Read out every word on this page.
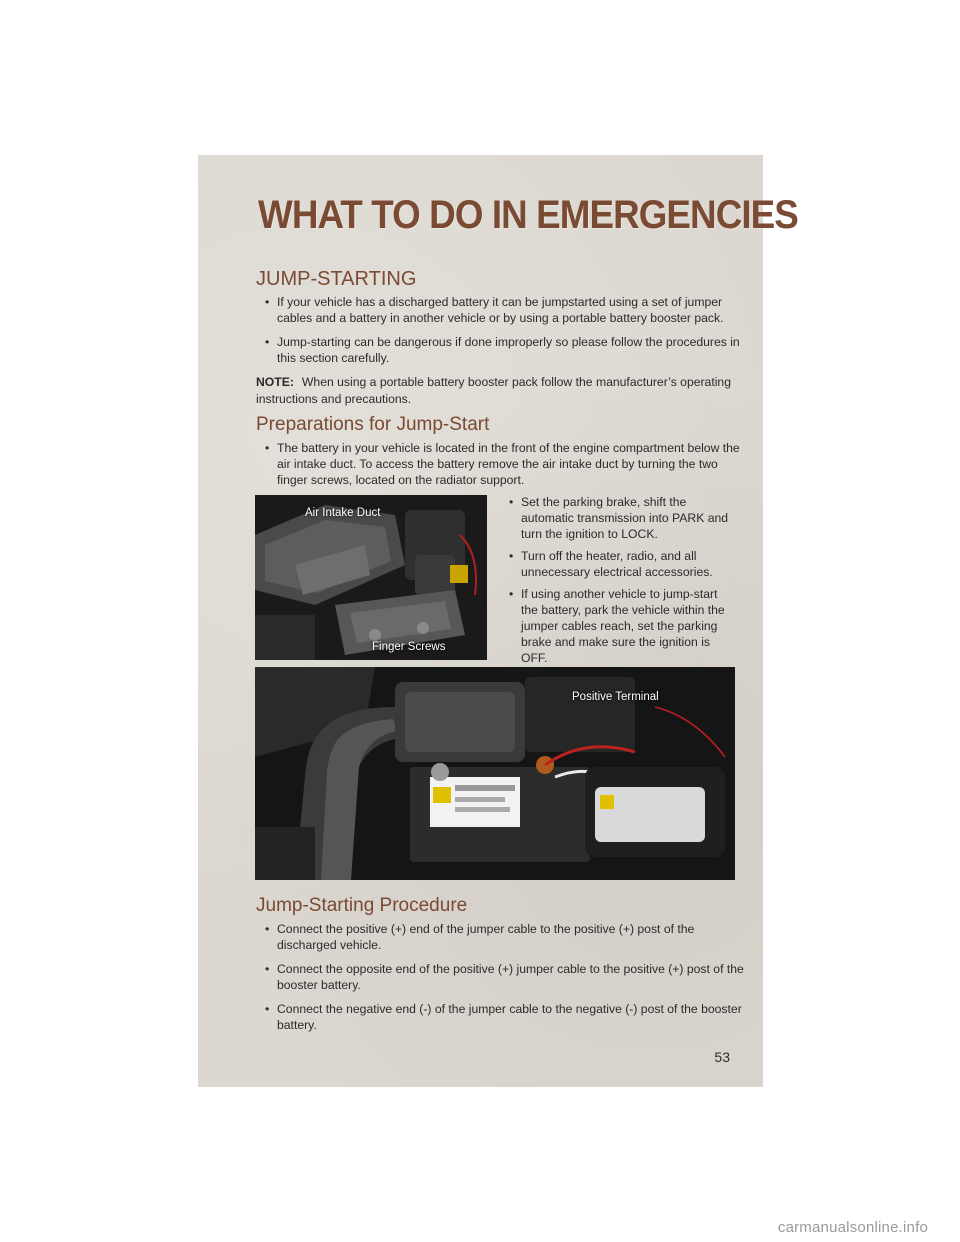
WHAT TO DO IN EMERGENCIES
JUMP-STARTING
• If your vehicle has a discharged battery it can be jumpstarted using a set of jumper cables and a battery in another vehicle or by using a portable battery booster pack.
• Jump-starting can be dangerous if done improperly so please follow the procedures in this section carefully.
NOTE: When using a portable battery booster pack follow the manufacturer’s operating instructions and precautions.
Preparations for Jump-Start
• The battery in your vehicle is located in the front of the engine compartment below the air intake duct. To access the battery remove the air intake duct by turning the two finger screws, located on the radiator support.
Air Intake Duct
Finger Screws
• Set the parking brake, shift the automatic transmission into PARK and turn the ignition to LOCK.
• Turn off the heater, radio, and all unnecessary electrical accessories.
• If using another vehicle to jump-start the battery, park the vehicle within the jumper cables reach, set the parking brake and make sure the ignition is OFF.
Positive Terminal
Jump-Starting Procedure
• Connect the positive (+) end of the jumper cable to the positive (+) post of the discharged vehicle.
• Connect the opposite end of the positive (+) jumper cable to the positive (+) post of the booster battery.
• Connect the negative end (-) of the jumper cable to the negative (-) post of the booster battery.
53
carmanualsonline.info
